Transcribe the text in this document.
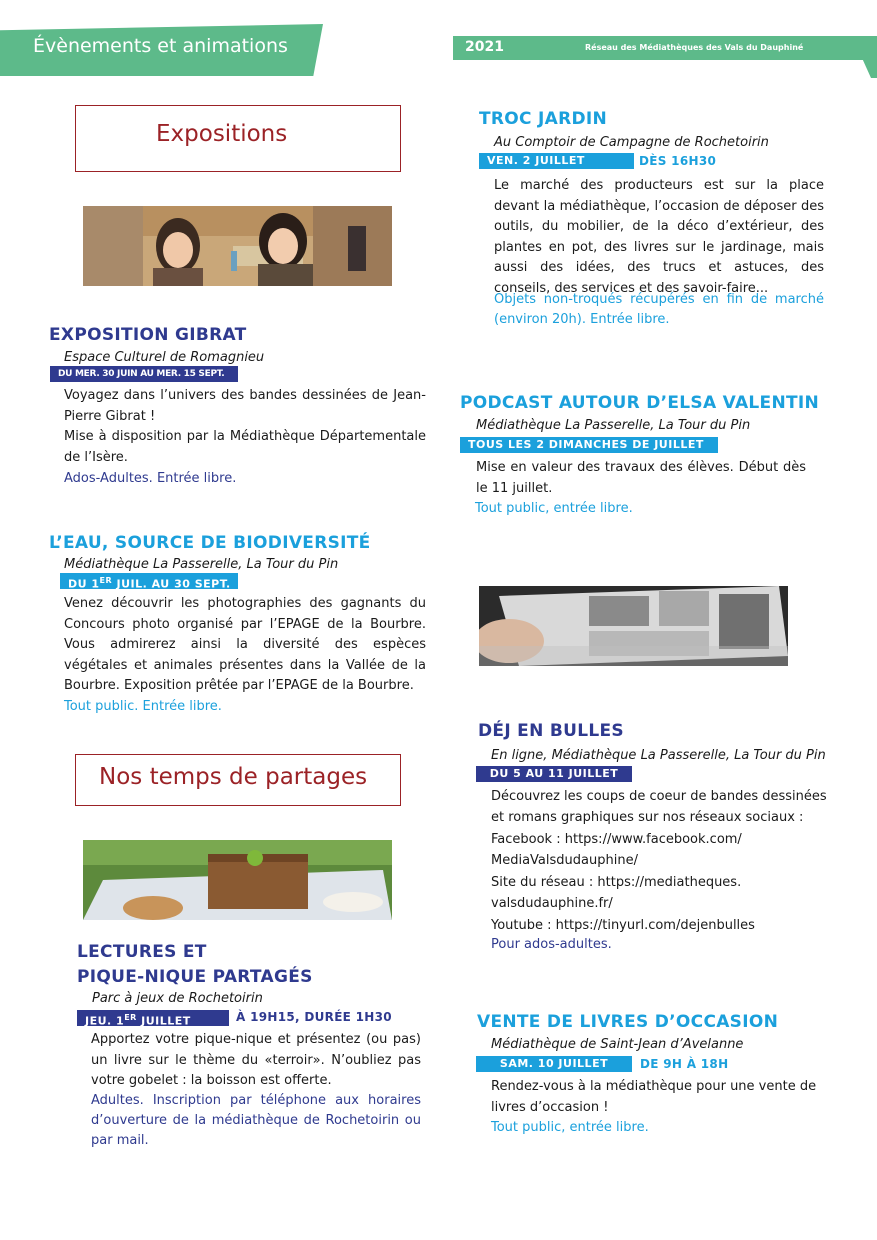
Évènements et animations	2021	Réseau des Médiathèques des Vals du Dauphiné
Expositions
EXPOSITION GIBRAT
Espace Culturel de Romagnieu
DU MER. 30 JUIN AU MER. 15 SEPT.

Voyagez dans l’univers des bandes dessinées de Jean-Pierre Gibrat !

Mise à disposition par la Médiathèque Départementale de l’Isère.

Ados-Adultes. Entrée libre.
L’EAU, SOURCE DE BIODIVERSITÉ
Médiathèque La Passerelle, La Tour du Pin
DU 1ER JUIL. AU 30 SEPT.
Venez découvrir les photographies des gagnants du Concours photo organisé par l’EPAGE de la Bourbre. Vous admirerez ainsi la diversité des espèces végétales et animales présentes dans la Vallée de la Bourbre. Exposition prêtée par l’EPAGE de la Bourbre.
Tout public. Entrée libre.
Nos temps de partages
LECTURES ET
PIQUE-NIQUE PARTAGÉS
Parc à jeux de Rochetoirin
JEU. 1ER JUILLET	À 19H15, DURÉE 1H30
Apportez votre pique-nique et présentez (ou pas) un livre sur le thème du «terroir». N’oubliez pas votre gobelet : la boisson est offerte.
Adultes. Inscription par téléphone aux horaires d’ouverture de la médiathèque de Rochetoirin ou par mail.
TROC JARDIN
Au Comptoir de Campagne de Rochetoirin
VEN. 2 JUILLET	DÈS 16H30
Le marché des producteurs est sur la place devant la médiathèque, l’occasion de déposer des outils, du mobilier, de la déco d’extérieur, des plantes en pot, des livres sur le jardinage, mais aussi des idées, des trucs et astuces, des conseils, des services et des savoir-faire...
Objets non-troqués récupérés en fin de marché (environ 20h). Entrée libre.
PODCAST AUTOUR D’ELSA VALENTIN
Médiathèque La Passerelle, La Tour du Pin
TOUS LES 2 DIMANCHES DE JUILLET
Mise en valeur des travaux des élèves. Début dès le 11 juillet.
Tout public, entrée libre.
DÉJ EN BULLES
En ligne, Médiathèque La Passerelle, La Tour du Pin
DU 5 AU 11 JUILLET

Découvrez les coups de coeur de bandes dessinées et romans graphiques sur nos réseaux sociaux :

Facebook : https://www.facebook.com/ MediaValsdudauphine/

Site du réseau : https://mediatheques. valsdudauphine.fr/

Youtube : https://tinyurl.com/dejenbulles

Pour ados-adultes.
VENTE DE LIVRES D’OCCASION
Médiathèque de Saint-Jean d’Avelanne
SAM. 10 JUILLET	DE 9H À 18H
Rendez-vous à la médiathèque pour une vente de livres d’occasion !
Tout public, entrée libre.
